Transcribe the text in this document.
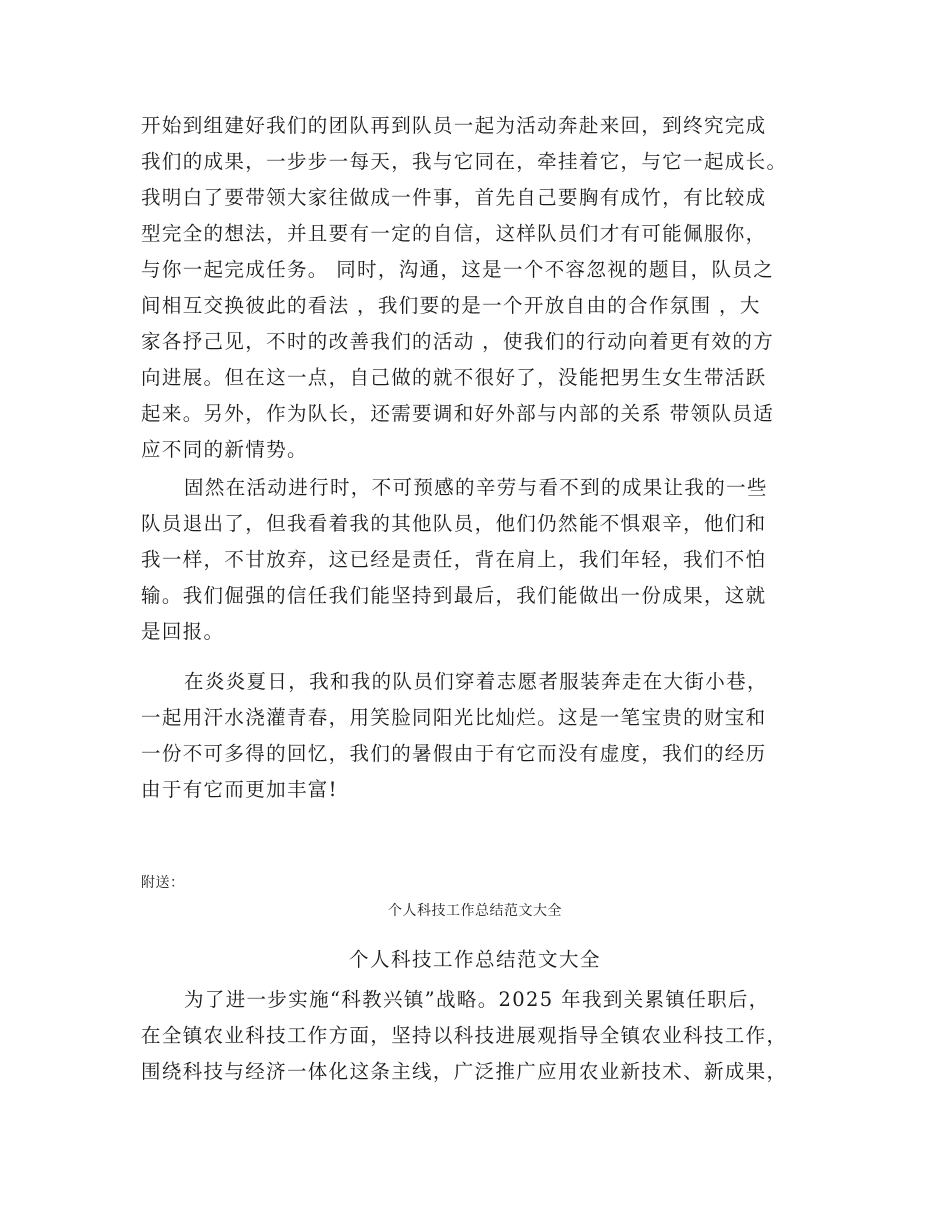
开始到组建好我们的团队再到队员一起为活动奔赴来回，到终究完成
我们的成果，一步步一每天，我与它同在，牵挂着它，与它一起成长。
我明白了要带领大家往做成一件事，首先自己要胸有成竹，有比较成
型完全的想法，并且要有一定的自信，这样队员们才有可能佩服你，
与你一起完成任务。 同时，沟通，这是一个不容忽视的题目，队员之
间相互交换彼此的看法 ，我们要的是一个开放自由的合作氛围 ，大
家各抒己见，不时的改善我们的活动 ，使我们的行动向着更有效的方
向进展。但在这一点，自己做的就不很好了，没能把男生女生带活跃
起来。另外，作为队长，还需要调和好外部与内部的关系 带领队员适
应不同的新情势。
固然在活动进行时，不可预感的辛劳与看不到的成果让我的一些
队员退出了，但我看着我的其他队员，他们仍然能不惧艰辛，他们和
我一样，不甘放弃，这已经是责任，背在肩上，我们年轻，我们不怕
输。我们倔强的信任我们能坚持到最后，我们能做出一份成果，这就
是回报。
在炎炎夏日，我和我的队员们穿着志愿者服装奔走在大街小巷，
一起用汗水浇灌青春，用笑脸同阳光比灿烂。这是一笔宝贵的财宝和
一份不可多得的回忆，我们的暑假由于有它而没有虚度，我们的经历
由于有它而更加丰富!
附送：
个人科技工作总结范文大全
个人科技工作总结范文大全
为了进一步实施“科教兴镇”战略。2025 年我到关累镇任职后，
在全镇农业科技工作方面，坚持以科技进展观指导全镇农业科技工作，
围绕科技与经济一体化这条主线，广泛推广应用农业新技术、新成果，
